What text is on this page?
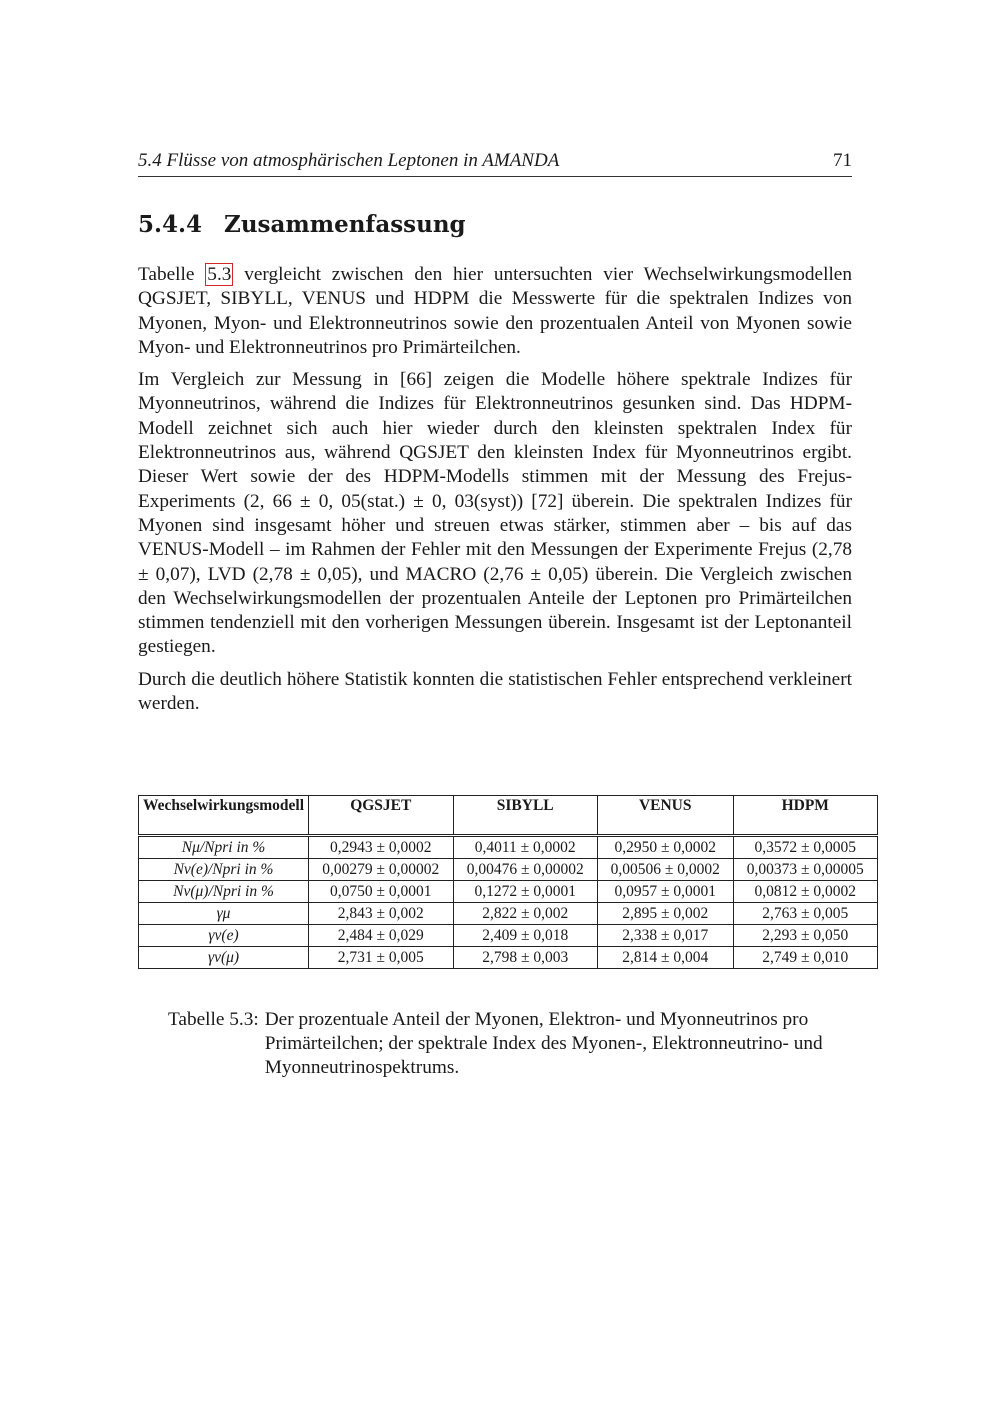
5.4 Flüsse von atmosphärischen Leptonen in AMANDA	71
5.4.4 Zusammenfassung

Tabelle 5.3 vergleicht zwischen den hier untersuchten vier Wechselwirkungsmodellen QGSJET, SIBYLL, VENUS und HDPM die Messwerte für die spektralen Indizes von Myonen, Myon- und Elektronneutrinos sowie den prozentualen Anteil von Myonen sowie Myon- und Elektronneutrinos pro Primärteilchen.

Im Vergleich zur Messung in [66] zeigen die Modelle höhere spektrale Indizes für Myonneutrinos, während die Indizes für Elektronneutrinos gesunken sind. Das HDPM-Modell zeichnet sich auch hier wieder durch den kleinsten spektralen Index für Elektronneutrinos aus, während QGSJET den kleinsten Index für Myonneutrinos ergibt. Dieser Wert sowie der des HDPM-Modells stimmen mit der Messung des Frejus-Experiments (2, 66 ± 0, 05(stat.) ± 0, 03(syst)) [72] überein. Die spektralen Indizes für Myonen sind insgesamt höher und streuen etwas stärker, stimmen aber – bis auf das VENUS-Modell – im Rahmen der Fehler mit den Messungen der Experimente Frejus (2,78 ± 0,07), LVD (2,78 ± 0,05), und MACRO (2,76 ± 0,05) überein. Die Vergleich zwischen den Wechselwirkungsmodellen der prozentualen Anteile der Leptonen pro Primärteilchen stimmen tendenziell mit den vorherigen Messungen überein. Insgesamt ist der Leptonanteil gestiegen.

Durch die deutlich höhere Statistik konnten die statistischen Fehler entsprechend verkleinert werden.

Wechselwirkungsmodell	QGSJET	SIBYLL	VENUS	HDPM
Nμ/Npri in %	0,2943 ± 0,0002	0,4011 ± 0,0002	0,2950 ± 0,0002	0,3572 ± 0,0005
Nν(e)/Npri in %	0,00279 ± 0,00002	0,00476 ± 0,00002	0,00506 ± 0,0002	0,00373 ± 0,00005
Nν(μ)/Npri in %	0,0750 ± 0,0001	0,1272 ± 0,0001	0,0957 ± 0,0001	0,0812 ± 0,0002
γμ	2,843 ± 0,002	2,822 ± 0,002	2,895 ± 0,002	2,763 ± 0,005
γν(e)	2,484 ± 0,029	2,409 ± 0,018	2,338 ± 0,017	2,293 ± 0,050
γν(μ)	2,731 ± 0,005	2,798 ± 0,003	2,814 ± 0,004	2,749 ± 0,010
Tabelle 5.3: Der prozentuale Anteil der Myonen, Elektron- und Myonneutrinos pro Primärteilchen; der spektrale Index des Myonen-, Elektronneutrino- und Myonneutrinospektrums.
